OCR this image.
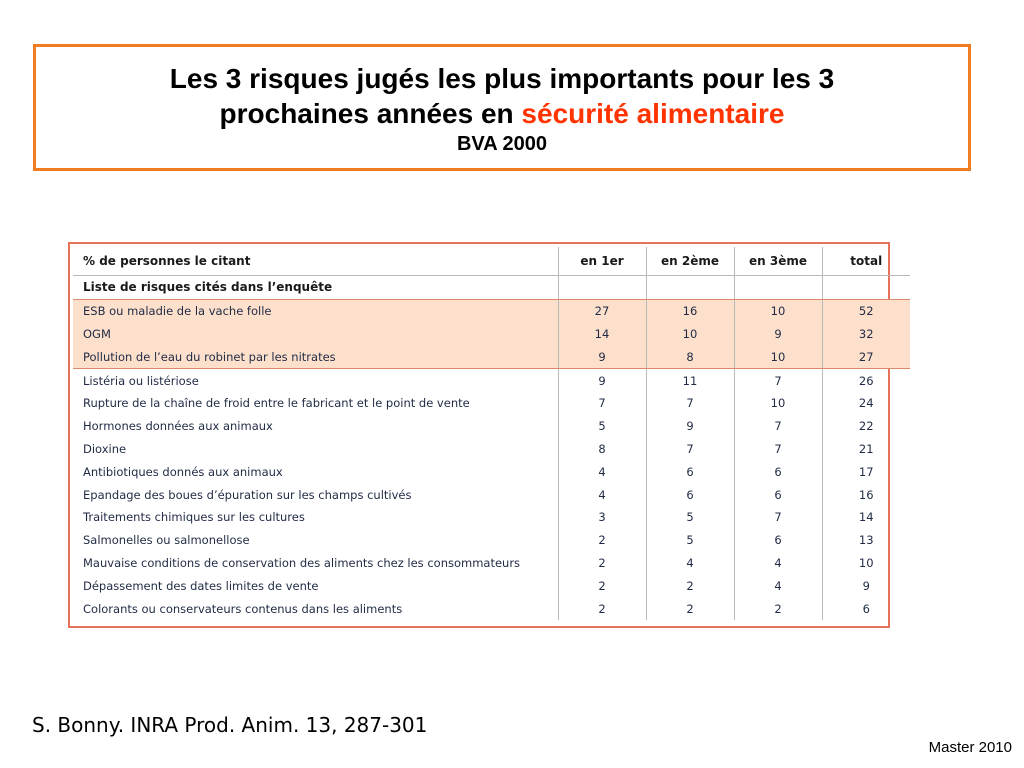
Les 3 risques jugés les plus importants pour les 3
prochaines années en sécurité alimentaire
BVA 2000
% de personnes le citant	en 1er	en 2ème	en 3ème	total
Liste de risques cités dans l’enquête				
ESB ou maladie de la vache folle	27	16	10	52
OGM	14	10	9	32
Pollution de l’eau du robinet par les nitrates	9	8	10	27
Listéria ou listériose	9	11	7	26
Rupture de la chaîne de froid entre le fabricant et le point de vente	7	7	10	24
Hormones données aux animaux	5	9	7	22
Dioxine	8	7	7	21
Antibiotiques donnés aux animaux	4	6	6	17
Epandage des boues d’épuration sur les champs cultivés	4	6	6	16
Traitements chimiques sur les cultures	3	5	7	14
Salmonelles ou salmonellose	2	5	6	13
Mauvaise conditions de conservation des aliments chez les consommateurs	2	4	4	10
Dépassement des dates limites de vente	2	2	4	9
Colorants ou conservateurs contenus dans les aliments	2	2	2	6
S. Bonny. INRA Prod. Anim. 13, 287-301
Master 2010
